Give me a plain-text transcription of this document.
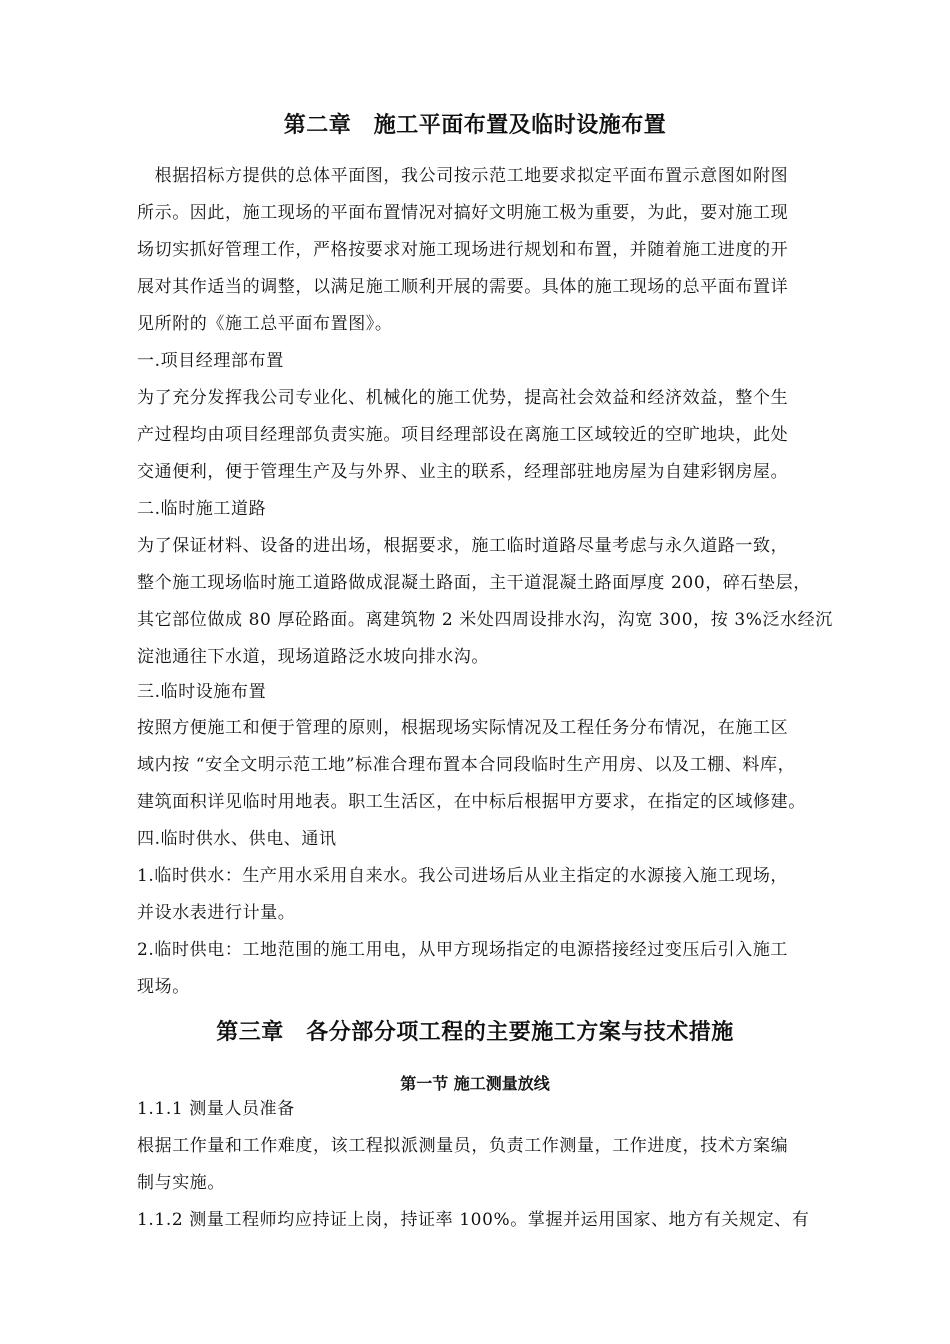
第二章　施工平面布置及临时设施布置
　根据招标方提供的总体平面图，我公司按示范工地要求拟定平面布置示意图如附图
所示。因此，施工现场的平面布置情况对搞好文明施工极为重要，为此，要对施工现
场切实抓好管理工作，严格按要求对施工现场进行规划和布置，并随着施工进度的开
展对其作适当的调整，以满足施工顺利开展的需要。具体的施工现场的总平面布置详
见所附的《施工总平面布置图》。
一.项目经理部布置
为了充分发挥我公司专业化、机械化的施工优势，提高社会效益和经济效益，整个生
产过程均由项目经理部负责实施。项目经理部设在离施工区域较近的空旷地块，此处
交通便利，便于管理生产及与外界、业主的联系，经理部驻地房屋为自建彩钢房屋。
二.临时施工道路
为了保证材料、设备的进出场，根据要求，施工临时道路尽量考虑与永久道路一致，
整个施工现场临时施工道路做成混凝土路面，主干道混凝土路面厚度 200，碎石垫层，
其它部位做成 80 厚砼路面。离建筑物 2 米处四周设排水沟，沟宽 300，按 3%泛水经沉
淀池通往下水道，现场道路泛水坡向排水沟。
三.临时设施布置
按照方便施工和便于管理的原则，根据现场实际情况及工程任务分布情况，在施工区
域内按 “安全文明示范工地”标准合理布置本合同段临时生产用房、以及工棚、料库，
建筑面积详见临时用地表。职工生活区，在中标后根据甲方要求，在指定的区域修建。
四.临时供水、供电、通讯
1.临时供水：生产用水采用自来水。我公司进场后从业主指定的水源接入施工现场，
并设水表进行计量。
2.临时供电：工地范围的施工用电，从甲方现场指定的电源搭接经过变压后引入施工
现场。
第三章　各分部分项工程的主要施工方案与技术措施
第一节 施工测量放线
1.1.1 测量人员准备
根据工作量和工作难度，该工程拟派测量员，负责工作测量，工作进度，技术方案编
制与实施。
1.1.2 测量工程师均应持证上岗，持证率 100%。掌握并运用国家、地方有关规定、有
